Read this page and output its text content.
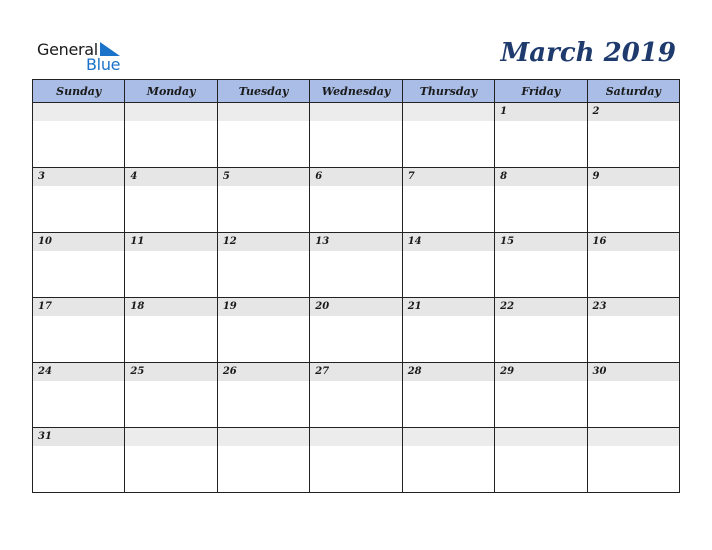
General
Blue	March 2019
Sunday	Monday	Tuesday	Wednesday	Thursday	Friday	Saturday

					1	2

3	4	5	6	7	8	9

10	11	12	13	14	15	16

17	18	19	20	21	22	23

24	25	26	27	28	29	30

31						
